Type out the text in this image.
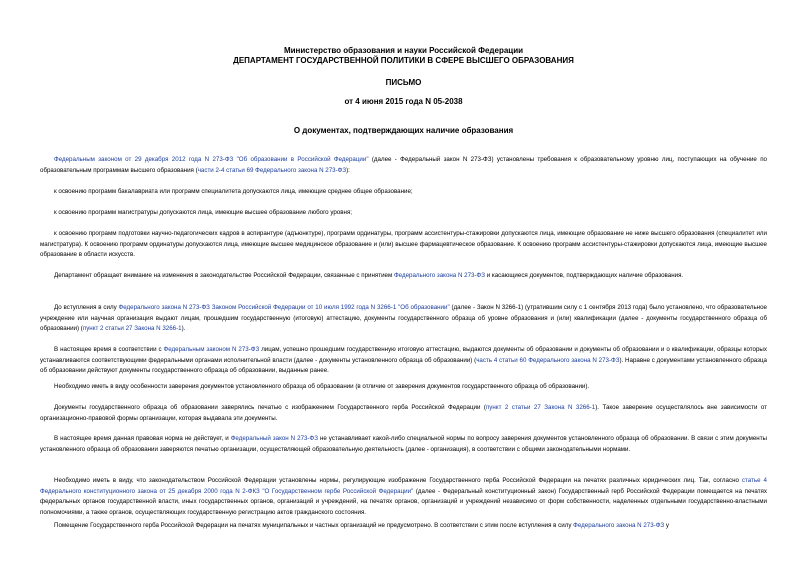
Министерство образования и науки Российской Федерации
ДЕПАРТАМЕНТ ГОСУДАРСТВЕННОЙ ПОЛИТИКИ В СФЕРЕ ВЫСШЕГО ОБРАЗОВАНИЯ
ПИСЬМО
от 4 июня 2015 года N 05-2038
О документах, подтверждающих наличие образования
Федеральным законом от 29 декабря 2012 года N 273-ФЗ "Об образовании в Российской Федерации" (далее - Федеральный закон N 273-ФЗ) установлены требования к образовательному уровню лиц, поступающих на обучение по образовательным программам высшего образования (части 2-4 статьи 69 Федерального закона N 273-ФЗ):
к освоению программ бакалавриата или программ специалитета допускаются лица, имеющие среднее общее образование;
к освоению программ магистратуры допускаются лица, имеющие высшее образование любого уровня;
к освоению программ подготовки научно-педагогических кадров в аспирантуре (адъюнктуре), программ ординатуры, программ ассистентуры-стажировки допускаются лица, имеющие образование не ниже высшего образования (специалитет или магистратура). К освоению программ ординатуры допускаются лица, имеющие высшее медицинское образование и (или) высшее фармацевтическое образование. К освоению программ ассистентуры-стажировки допускаются лица, имеющие высшее образование в области искусств.
Департамент обращает внимание на изменения в законодательстве Российской Федерации, связанные с принятием Федерального закона N 273-ФЗ и касающиеся документов, подтверждающих наличие образования.
До вступления в силу Федерального закона N 273-ФЗ Законом Российской Федерации от 10 июля 1992 года N 3266-1 "Об образовании" (далее - Закон N 3266-1) (утратившим силу с 1 сентября 2013 года) было установлено, что образовательное учреждение или научная организация выдают лицам, прошедшим государственную (итоговую) аттестацию, документы государственного образца об уровне образования и (или) квалификации (далее - документы государственного образца об образовании) (пункт 2 статьи 27 Закона N 3266-1).
В настоящее время в соответствии с Федеральным законом N 273-ФЗ лицам, успешно прошедшим государственную итоговую аттестацию, выдаются документы об образовании и документы об образовании и о квалификации, образцы которых устанавливаются соответствующими федеральными органами исполнительной власти (далее - документы установленного образца об образовании) (часть 4 статьи 60 Федерального закона N 273-ФЗ). Наравне с документами установленного образца об образовании действуют документы государственного образца об образовании, выданные ранее.
Необходимо иметь в виду особенности заверения документов установленного образца об образовании (в отличие от заверения документов государственного образца об образовании).
Документы государственного образца об образовании заверялись печатью с изображением Государственного герба Российской Федерации (пункт 2 статьи 27 Закона N 3266-1). Такое заверение осуществлялось вне зависимости от организационно-правовой формы организации, которая выдавала эти документы.
В настоящее время данная правовая норма не действует, и Федеральный закон N 273-ФЗ не устанавливает какой-либо специальной нормы по вопросу заверения документов установленного образца об образовании. В связи с этим документы установленного образца об образовании заверяются печатью организации, осуществляющей образовательную деятельность (далее - организация), в соответствии с общими законодательными нормами.
Необходимо иметь в виду, что законодательством Российской Федерации установлены нормы, регулирующие изображение Государственного герба Российской Федерации на печатях различных юридических лиц. Так, согласно статье 4 Федерального конституционного закона от 25 декабря 2000 года N 2-ФКЗ "О Государственном гербе Российской Федерации" (далее - Федеральный конституционный закон) Государственный герб Российской Федерации помещается на печатях федеральных органов государственной власти, иных государственных органов, организаций и учреждений, на печатях органов, организаций и учреждений независимо от форм собственности, наделенных отдельными государственно-властными полномочиями, а также органов, осуществляющих государственную регистрацию актов гражданского состояния.
Помещение Государственного герба Российской Федерации на печатях муниципальных и частных организаций не предусмотрено. В соответствии с этим после вступления в силу Федерального закона N 273-ФЗ у
